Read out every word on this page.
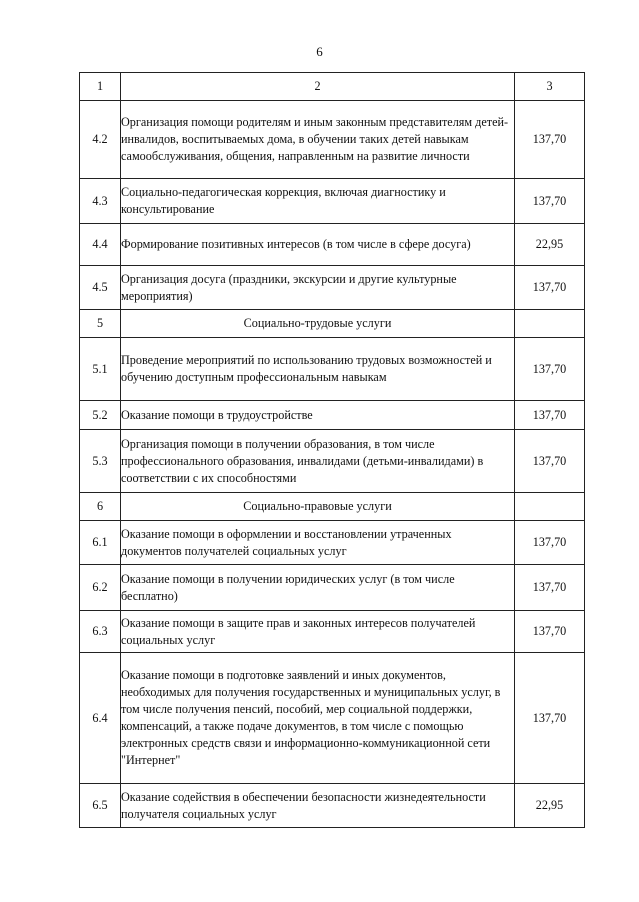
6
1	2	3
4.2	Организация помощи родителям и иным законным представителям детей-инвалидов, воспитываемых дома, в обучении таких детей навыкам самообслуживания, общения, направленным на развитие личности	137,70
4.3	Социально-педагогическая коррекция, включая диагностику и консультирование	137,70
4.4	Формирование позитивных интересов (в том числе в сфере досуга)	22,95
4.5	Организация досуга (праздники, экскурсии и другие культурные мероприятия)	137,70
5	Социально-трудовые услуги	
5.1	Проведение мероприятий по использованию трудовых возможностей и обучению доступным профессиональным навыкам	137,70
5.2	Оказание помощи в трудоустройстве	137,70
5.3	Организация помощи в получении образования, в том числе профессионального образования, инвалидами (детьми-инвалидами) в соответствии с их способностями	137,70
6	Социально-правовые услуги	
6.1	Оказание помощи в оформлении и восстановлении утраченных документов получателей социальных услуг	137,70
6.2	Оказание помощи в получении юридических услуг (в том числе бесплатно)	137,70
6.3	Оказание помощи в защите прав и законных интересов получателей социальных услуг	137,70
6.4	Оказание помощи в подготовке заявлений и иных документов, необходимых для получения государственных и муниципальных услуг, в том числе получения пенсий, пособий, мер социальной поддержки, компенсаций, а также подаче документов, в том числе с помощью электронных средств связи и информационно-коммуникационной сети "Интернет"	137,70
6.5	Оказание содействия в обеспечении безопасности жизнедеятельности получателя социальных услуг	22,95
